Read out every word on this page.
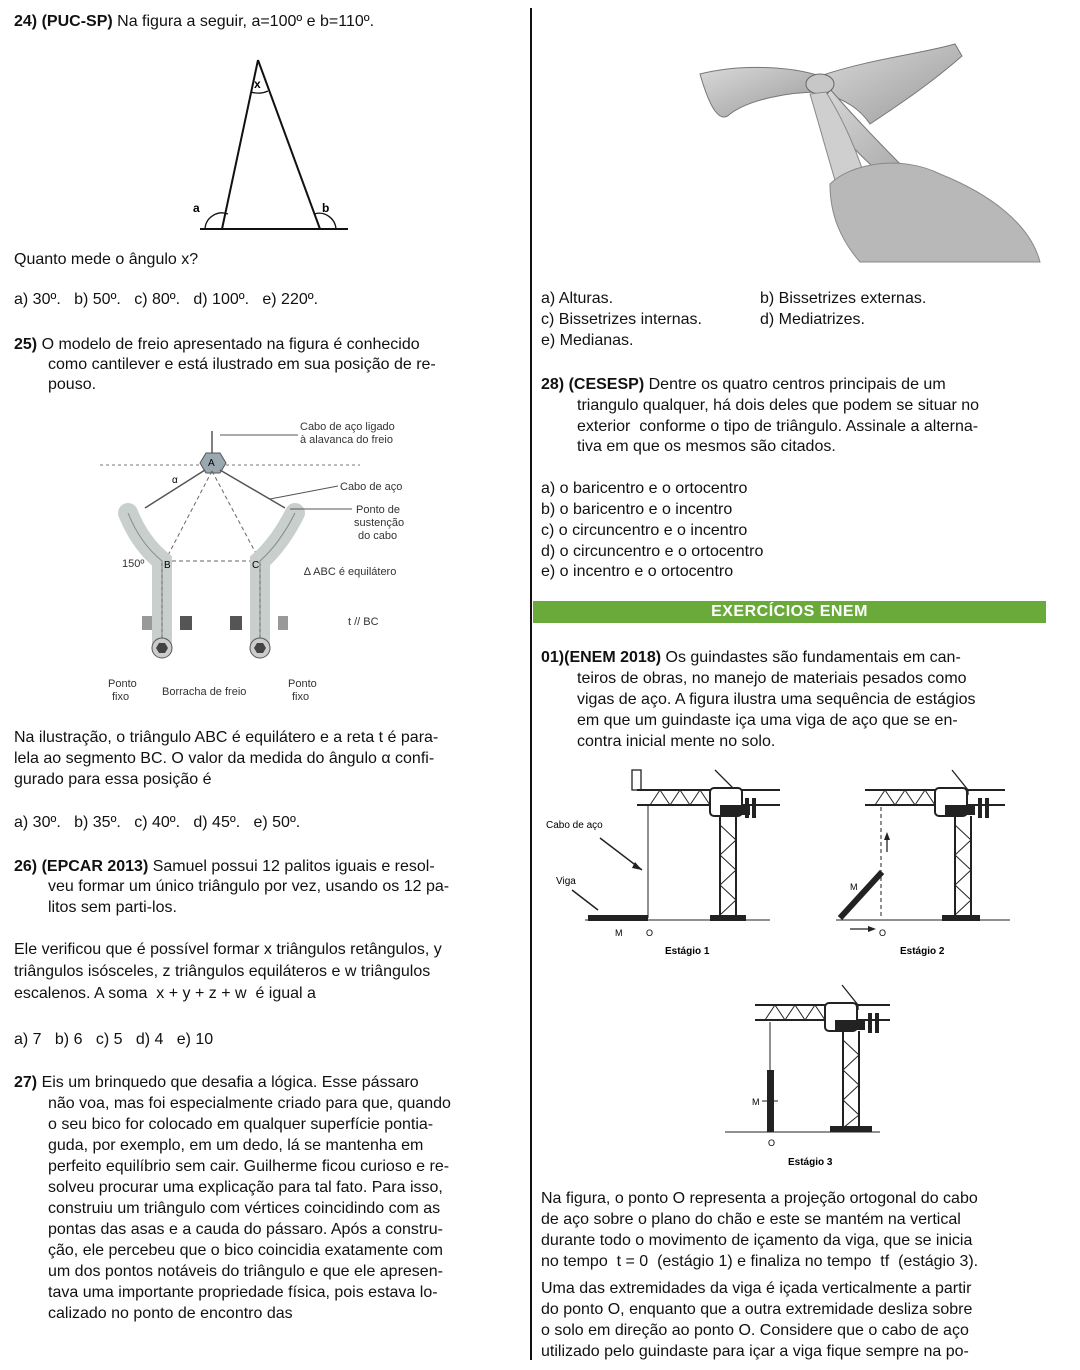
24) (PUC-SP) Na figura a seguir, a=100º e b=110º.
x
a	b
Quanto mede o ângulo x?
a) 30º.   b) 50º.   c) 80º.   d) 100º.   e) 220º.
25) O modelo de freio apresentado na figura é conhecido
como cantilever e está ilustrado em sua posição de re-
pouso.
A
α
Cabo de aço ligado
à alavanca do freio
Cabo de aço
Ponto de
sustenção
do cabo
∆ ABC é equilátero
t // BC
150º B	C
Ponto
fixo	Borracha de freio
Ponto
fixo
Na ilustração, o triângulo ABC é equilátero e a reta t é para-
lela ao segmento BC. O valor da medida do ângulo α confi-
gurado para essa posição é
a) 30º.   b) 35º.   c) 40º.   d) 45º.   e) 50º.
26) (EPCAR 2013) Samuel possui 12 palitos iguais e resol-
veu formar um único triângulo por vez, usando os 12 pa-
litos sem parti-los.
Ele verificou que é possível formar x triângulos retângulos, y
triângulos isósceles, z triângulos equiláteros e w triângulos
escalenos. A soma  x + y + z + w  é igual a
a) 7   b) 6   c) 5   d) 4   e) 10
27) Eis um brinquedo que desafia a lógica. Esse pássaro
não voa, mas foi especialmente criado para que, quando
o seu bico for colocado em qualquer superfície pontia-
guda, por exemplo, em um dedo, lá se mantenha em
perfeito equilíbrio sem cair. Guilherme ficou curioso e re-
solveu procurar uma explicação para tal fato. Para isso,
construiu um triângulo com vértices coincidindo com as
pontas das asas e a cauda do pássaro. Após a constru-
ção, ele percebeu que o bico coincidia exatamente com
um dos pontos notáveis do triângulo e que ele apresen-
tava uma importante propriedade física, pois estava lo-
calizado no ponto de encontro das
a) Alturas.	b) Bissetrizes externas.
c) Bissetrizes internas.	d) Mediatrizes.
e) Medianas.
28) (CESESP) Dentre os quatro centros principais de um
triangulo qualquer, há dois deles que podem se situar no
exterior  conforme o tipo de triângulo. Assinale a alterna-
tiva em que os mesmos são citados.
a) o baricentro e o ortocentro
b) o baricentro e o incentro
c) o circuncentro e o incentro
d) o circuncentro e o ortocentro
e) o incentro e o ortocentro
EXERCÍCIOS ENEM
01)(ENEM 2018) Os guindastes são fundamentais em can-
teiros de obras, no manejo de materiais pesados como
vigas de aço. A figura ilustra uma sequência de estágios
em que um guindaste iça uma viga de aço que se en-
contra inicial mente no solo.
Cabo de aço
Viga
M	O
Estágio 1
M
O
Estágio 2
M
O
Estágio 3
Na figura, o ponto O representa a projeção ortogonal do cabo
de aço sobre o plano do chão e este se mantém na vertical
durante todo o movimento de içamento da viga, que se inicia
no tempo  t = 0  (estágio 1) e finaliza no tempo  tf  (estágio 3).
Uma das extremidades da viga é içada verticalmente a partir
do ponto O, enquanto que a outra extremidade desliza sobre
o solo em direção ao ponto O. Considere que o cabo de aço
utilizado pelo guindaste para içar a viga fique sempre na po-
